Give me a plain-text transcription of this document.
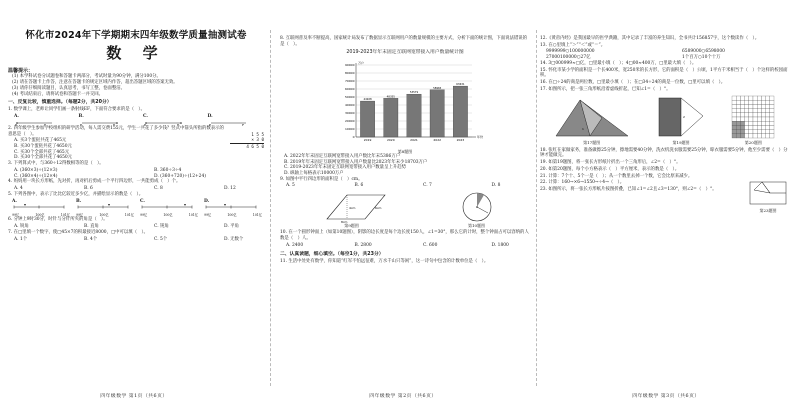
怀化市2024年下学期期末四年级数学质量抽测试卷
数 学
温馨提示：

(1) 本学科试卷分试题卷和答题卡两部分，考试时量为90分钟，满分100分。

(2) 请在答题卡上作答，注意在答题卡的规定区域内作答，超出答题区域的答案无效。

(3) 请你仔细阅读题目，认真思考，书写工整，卷面整洁。

(4) 考试结束后，请将试卷和答题卡一并交回。

一、反复比较，慎重选择。（每题2分，共20分）
1. 数学课上，老师让同学们画一条射线EF，下面符合要求的是（　）。
A.
E	F
B.
E	F
C.
E	F
D.
E	F
2. 四年级学生参加学校组织的研学活动，每人需交费155元，学生一共花了多少钱？竖式中箭头所指的数表示的意思是（　）。
A. 买3个蛋挞共花了465元
B. 买30个蛋挞共花了4650元
C. 买30个全部共花了465元
D. 买30个全部共花了4650元
1 5 5
× 3 0
4 6 5 0
3. 下列算式中，与360÷12得数相等的是（　）。
A. (360×3)÷(12×3)	B. 360÷3÷4
C. (360×4)÷(12×4)	D. (360+720)÷(12+24)
4. 妈妈用一块长方形纸，先对折，再对折后剪成一个平行四边形，一共能剪成（　）个。
A. 4	B. 6	C. 8	D. 12
5. 下列各图中，表示了比比亿较近多少亿，并描绘显示的数是（　）。
A.
99亿	100亿	101亿
B.
99亿	100亿	101亿
C.
99亿	100亿	101亿
D.
99亿	100亿	101亿
6. 分钟上9时30分，时针与分针所夹的角是（　）。
A. 锐角	B. 直角	C. 钝角	D. 平角
7. 在□里填一个数字，使□45×7的积最接近8000，□中可以填（　）。
A. 1个	B. 4个	C. 5个	D. 无数个
四年级数学 第1页（共6页）
8. 互联网普及率不断提高，国家统计局发布了数据显示互联网用户的数量规模的主要方式，分析下面的统计图，下面说法错误的是（　）。
2019-2023年年末固定互联网宽带接入用户数量统计图
0
10000
20000
30000
40000
50000
60000
70000
80000
90000
万户
年份
44928
2019
48355
2020
53579
2021
58965
2022
63631
2023
第8题图
A. 2022年年末固定互联网宽带接入用户数比年末5386万户
B. 2019年年末固定互联网宽带接入用户数量比2023年年末少18703万户
C. 2019-2023年年末固定互联网宽带接入用户数量呈上升趋势
D. 纵轴上每格表示10000万户
9. 如图中平行四边形的面积是（　）cm。
A. 5	B. 6	C. 7	D. 8
4cm
8cm
6cm
第9题图	第10题图
10. 在一个圆形钟面上（如第10题图），阴影的边长度是每个边长度150人，∠1=30°，那么它的计时，整个钟面占可以容纳的人数是（　）人。
A. 2400	B. 2800	C. 600	D. 1800
二、认真读题，细心填空。（每空1分，共23分）
11. 生活中处处有数学，你知道“红军不怕远征难，万水千山只等闲”，这一诗句中包含的计数单位是（　）。
四年级数学 第2页（共6页）
12.《黄帝内经》是我国最早的医学典籍，其中记录了丰富的养生知识，全书共计156857字，这个数读作（　）。
13. 在○里填上“＞”“＜”或“＝”。
9999999○100000000	6589000○6598000
27000100000○27亿	1个百万○10个十万
14. 3□000999≈□亿，□里最小填（　）；4□00≈400万，□里最大填（　）。
15. 怀化市某小学的面积是一个长400米，宽250米的长方形，它的面积是（　）公顷，1平方千米相当于（　）个这样的校园面积。
16. 在□÷24的商是两位数，□里最小填（　）；在□34÷24的商是一位数，□里可以填（　）。
17. 如图所示，把一张三角形纸沿着虚线折起，已知∠1=（　）°。
1
第17题图
2
第19题图	第20题图
18. 张红在家做家务，准备做擦25分钟，擦地需要40分钟，洗衣机洗衣服需要25分钟，晾衣服需要5分钟，他至少需要（　）分钟才能做完。
19. 如第19题图，将一张长方形纸片折出一个三角形后，∠2=（　）°。
20. 如第20题图，每个小方格表示（　）平方厘米，表示的数是（　）。
21. 计算：7个十、5个一是（　）；从一个数里去掉一个数，它会比原来减少。
22. 计算：160→×6→1550→÷4→（　）。
23. 如图所示，将一张长方形纸片按图折叠，已知∠1=∠2且∠3=130°，则∠2=（　）°。
第23题图
四年级数学 第3页（共6页）
